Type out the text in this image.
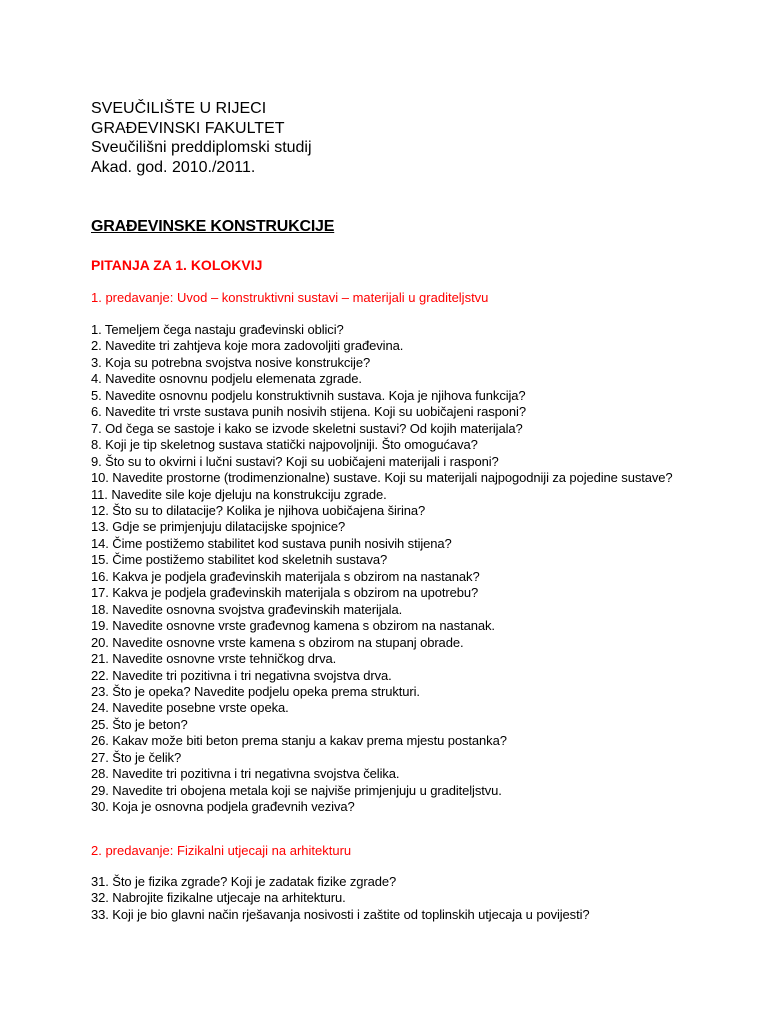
SVEUČILIŠTE U RIJECI
GRAĐEVINSKI FAKULTET
Sveučilišni preddiplomski studij
Akad. god. 2010./2011.
GRAĐEVINSKE KONSTRUKCIJE
PITANJA ZA 1. KOLOKVIJ
1. predavanje: Uvod – konstruktivni sustavi – materijali u graditeljstvu
1. Temeljem čega nastaju građevinski oblici?
2. Navedite tri zahtjeva koje mora zadovoljiti građevina.
3. Koja su potrebna svojstva nosive konstrukcije?
4. Navedite osnovnu podjelu elemenata zgrade.
5. Navedite osnovnu podjelu konstruktivnih sustava. Koja je njihova funkcija?
6. Navedite tri vrste sustava punih nosivih stijena. Koji su uobičajeni rasponi?
7. Od čega se sastoje i kako se izvode skeletni sustavi? Od kojih materijala?
8. Koji je tip skeletnog sustava statički najpovoljniji. Što omogućava?
9. Što su to okvirni i lučni sustavi? Koji su uobičajeni materijali i rasponi?
10. Navedite prostorne (trodimenzionalne) sustave. Koji su materijali najpogodniji za pojedine sustave?
11. Navedite sile koje djeluju na konstrukciju zgrade.
12. Što su to dilatacije? Kolika je njihova uobičajena širina?
13. Gdje se primjenjuju dilatacijske spojnice?
14. Čime postižemo stabilitet kod sustava punih nosivih stijena?
15. Čime postižemo stabilitet kod skeletnih sustava?
16. Kakva je podjela građevinskih materijala s obzirom na nastanak?
17. Kakva je podjela građevinskih materijala s obzirom na upotrebu?
18. Navedite osnovna svojstva građevinskih materijala.
19. Navedite osnovne vrste građevnog kamena s obzirom na nastanak.
20. Navedite osnovne vrste kamena s obzirom na stupanj obrade.
21. Navedite osnovne vrste tehničkog drva.
22. Navedite tri pozitivna i tri negativna svojstva drva.
23. Što je opeka? Navedite podjelu opeka prema strukturi.
24. Navedite posebne vrste opeka.
25. Što je beton?
26. Kakav može biti beton prema stanju a kakav prema mjestu postanka?
27. Što je čelik?
28. Navedite tri pozitivna i tri negativna svojstva čelika.
29. Navedite tri obojena metala koji se najviše primjenjuju u graditeljstvu.
30. Koja je osnovna podjela građevnih veziva?
2. predavanje: Fizikalni utjecaji na arhitekturu
31. Što je fizika zgrade? Koji je zadatak fizike zgrade?
32. Nabrojite fizikalne utjecaje na arhitekturu.
33. Koji je bio glavni način rješavanja nosivosti i zaštite od toplinskih utjecaja u povijesti?
